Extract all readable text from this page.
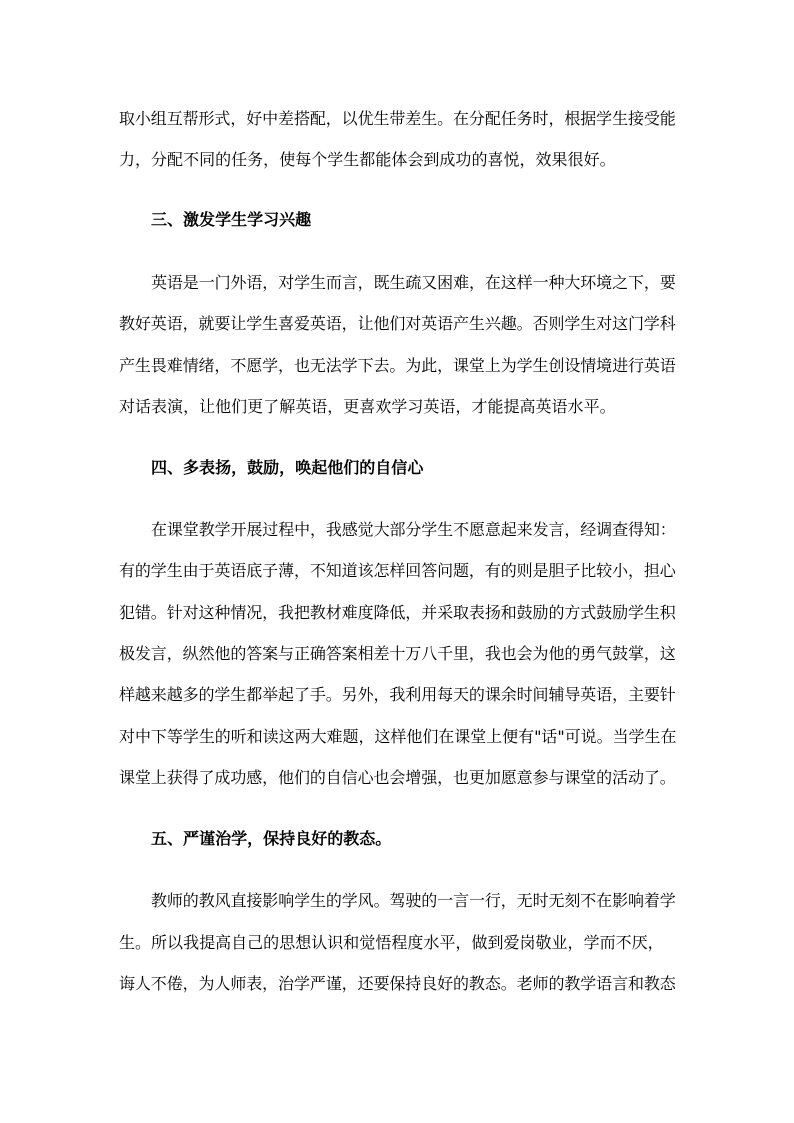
取小组互帮形式，好中差搭配，以优生带差生。在分配任务时，根据学生接受能
力，分配不同的任务，使每个学生都能体会到成功的喜悦，效果很好。
三、激发学生学习兴趣
英语是一门外语，对学生而言，既生疏又困难，在这样一种大环境之下，要
教好英语，就要让学生喜爱英语，让他们对英语产生兴趣。否则学生对这门学科
产生畏难情绪，不愿学，也无法学下去。为此，课堂上为学生创设情境进行英语
对话表演，让他们更了解英语，更喜欢学习英语，才能提高英语水平。
四、多表扬，鼓励，唤起他们的自信心
在课堂教学开展过程中，我感觉大部分学生不愿意起来发言，经调查得知：
有的学生由于英语底子薄，不知道该怎样回答问题，有的则是胆子比较小，担心
犯错。针对这种情况，我把教材难度降低，并采取表扬和鼓励的方式鼓励学生积
极发言，纵然他的答案与正确答案相差十万八千里，我也会为他的勇气鼓掌，这
样越来越多的学生都举起了手。另外，我利用每天的课余时间辅导英语，主要针
对中下等学生的听和读这两大难题，这样他们在课堂上便有"话"可说。当学生在
课堂上获得了成功感，他们的自信心也会增强，也更加愿意参与课堂的活动了。
五、严谨治学，保持良好的教态。
教师的教风直接影响学生的学风。驾驶的一言一行，无时无刻不在影响着学
生。所以我提高自己的思想认识和觉悟程度水平，做到爱岗敬业，学而不厌，
诲人不倦，为人师表，治学严谨，还要保持良好的教态。老师的教学语言和教态
